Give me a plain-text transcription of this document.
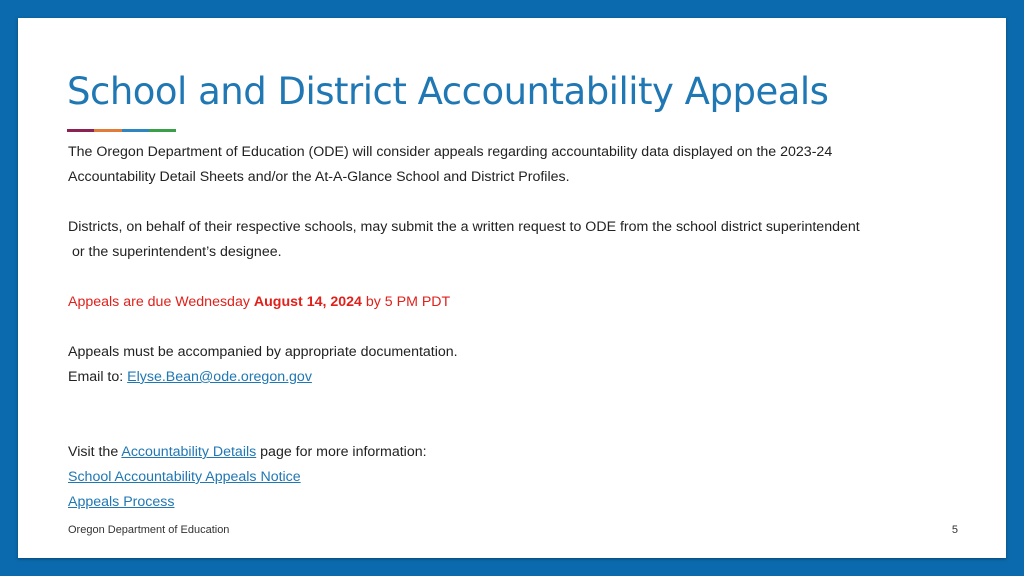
School and District Accountability Appeals

The Oregon Department of Education (ODE) will consider appeals regarding accountability data displayed on the 2023-24

Accountability Detail Sheets and/or the At-A-Glance School and District Profiles.

Districts, on behalf of their respective schools, may submit the a written request to ODE from the school district superintendent

or the superintendent’s designee.

Appeals are due Wednesday August 14, 2024 by 5 PM PDT

Appeals must be accompanied by appropriate documentation.

Email to: Elyse.Bean@ode.oregon.gov

Visit the Accountability Details page for more information:

School Accountability Appeals Notice

Appeals Process

Oregon Department of Education	5
